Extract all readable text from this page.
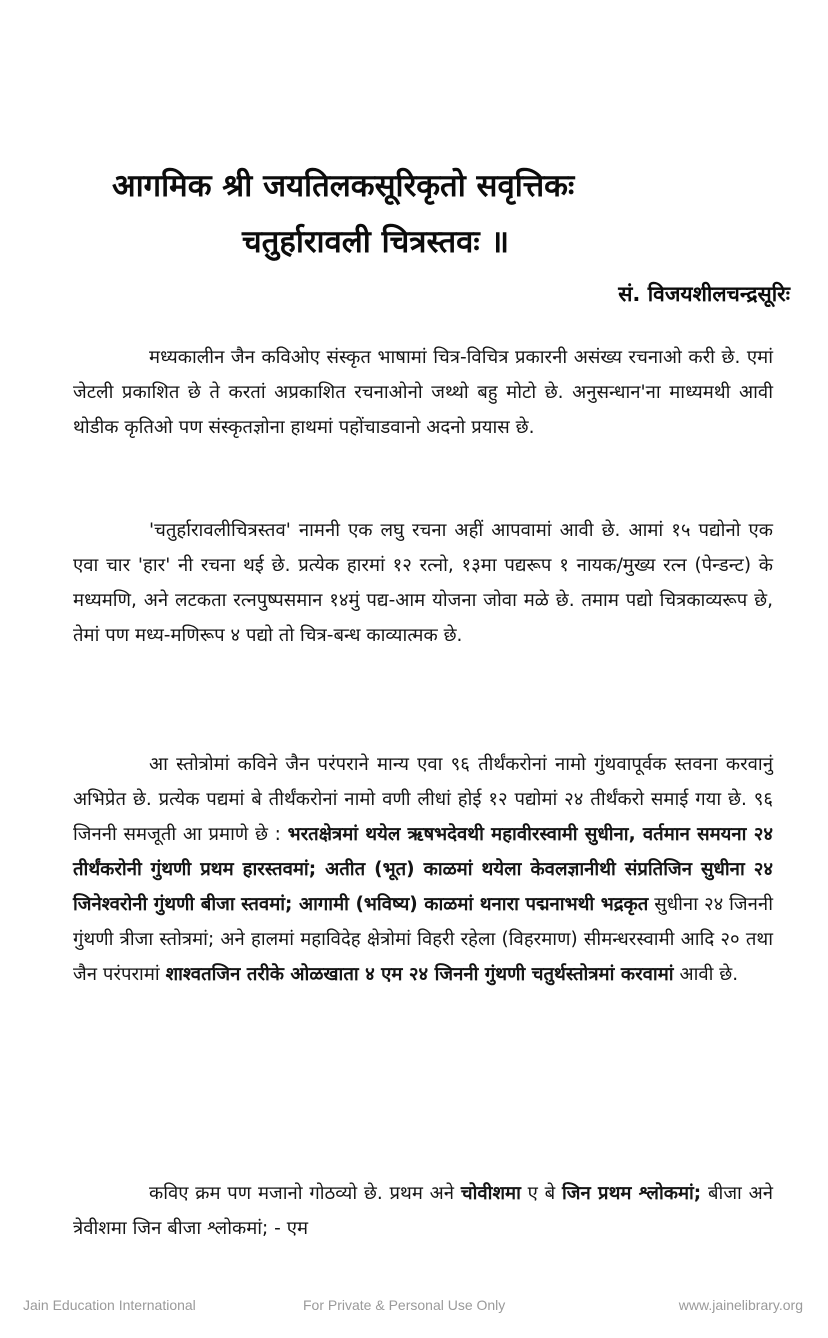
आगमिक श्री जयतिलकसूरिकृतो सवृत्तिकः
चतुर्हारावली चित्रस्तवः ॥
सं. विजयशीलचन्द्रसूरिः

मध्यकालीन जैन कविओए संस्कृत भाषामां चित्र-विचित्र प्रकारनी असंख्य रचनाओ करी छे. एमां जेटली प्रकाशित छे ते करतां अप्रकाशित रचनाओनो जथ्थो बहु मोटो छे. अनुसन्धान'ना माध्यमथी आवी थोडीक कृतिओ पण संस्कृतज्ञोना हाथमां पहोंचाडवानो अदनो प्रयास छे.

'चतुर्हारावलीचित्रस्तव' नामनी एक लघु रचना अहीं आपवामां आवी छे. आमां १५ पद्योनो एक एवा चार 'हार' नी रचना थई छे. प्रत्येक हारमां १२ रत्नो, १३मा पद्यरूप १ नायक/मुख्य रत्न (पेन्डन्ट) के मध्यमणि, अने लटकता रत्नपुष्पसमान १४मुं पद्य-आम योजना जोवा मळे छे. तमाम पद्यो चित्रकाव्यरूप छे, तेमां पण मध्य-मणिरूप ४ पद्यो तो चित्र-बन्ध काव्यात्मक छे.

आ स्तोत्रोमां कविने जैन परंपराने मान्य एवा ९६ तीर्थंकरोनां नामो गुंथवापूर्वक स्तवना करवानुं अभिप्रेत छे. प्रत्येक पद्यमां बे तीर्थंकरोनां नामो वणी लीधां होई १२ पद्योमां २४ तीर्थंकरो समाई गया छे. ९६ जिननी समजूती आ प्रमाणे छे : भरतक्षेत्रमां थयेल ऋषभदेवथी महावीरस्वामी सुधीना, वर्तमान समयना २४ तीर्थंकरोनी गुंथणी प्रथम हारस्तवमां; अतीत (भूत) काळमां थयेला केवलज्ञानीथी संप्रतिजिन सुधीना २४ जिनेश्वरोनी गुंथणी बीजा स्तवमां; आगामी (भविष्य) काळमां थनारा पद्मनाभथी भद्रकृत सुधीना २४ जिननी गुंथणी त्रीजा स्तोत्रमां; अने हालमां महाविदेह क्षेत्रोमां विहरी रहेला (विहरमाण) सीमन्धरस्वामी आदि २० तथा जैन परंपरामां शाश्वतजिन तरीके ओळखाता ४ एम २४ जिननी गुंथणी चतुर्थस्तोत्रमां करवामां आवी छे.

कविए क्रम पण मजानो गोठव्यो छे. प्रथम अने चोवीशमा ए बे जिन प्रथम श्लोकमां; बीजा अने त्रेवीशमा जिन बीजा श्लोकमां; - एम

Jain Education International	For Private & Personal Use Only	www.jainelibrary.org
